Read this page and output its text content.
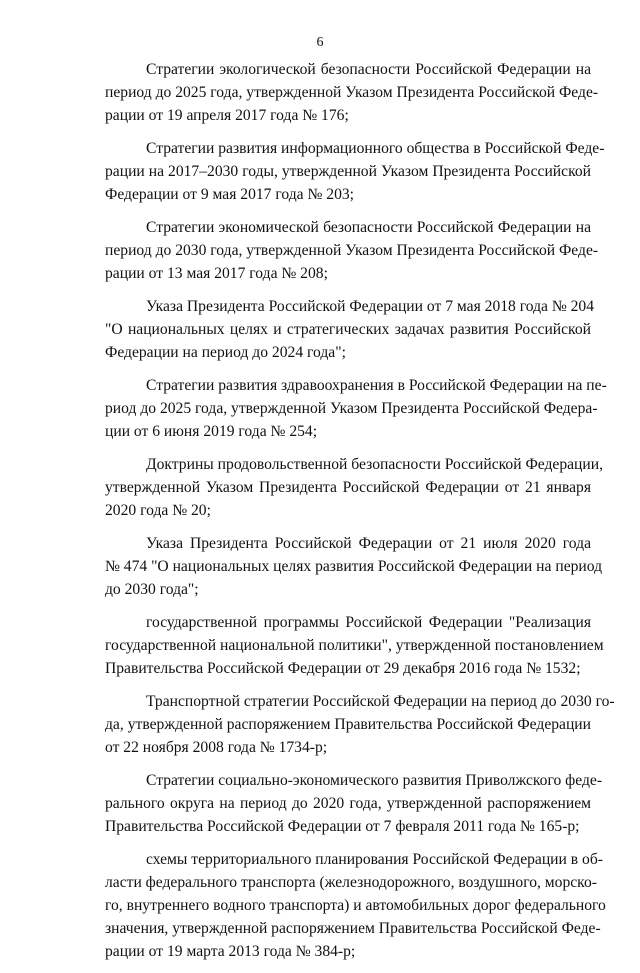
6

Стратегии экологической безопасности Российской Федерации на
период до 2025 года, утвержденной Указом Президента Российской Феде-
рации от 19 апреля 2017 года № 176;

Стратегии развития информационного общества в Российской Феде-
рации на 2017–2030 годы, утвержденной Указом Президента Российской
Федерации от 9 мая 2017 года № 203;

Стратегии экономической безопасности Российской Федерации на
период до 2030 года, утвержденной Указом Президента Российской Феде-
рации от 13 мая 2017 года № 208;

Указа Президента Российской Федерации от 7 мая 2018 года № 204
"О национальных целях и стратегических задачах развития Российской
Федерации на период до 2024 года";

Стратегии развития здравоохранения в Российской Федерации на пе-
риод до 2025 года, утвержденной Указом Президента Российской Федера-
ции от 6 июня 2019 года № 254;

Доктрины продовольственной безопасности Российской Федерации,
утвержденной Указом Президента Российской Федерации от 21 января
2020 года № 20;

Указа Президента Российской Федерации от 21 июля 2020 года
№ 474 "О национальных целях развития Российской Федерации на период
до 2030 года";

государственной программы Российской Федерации "Реализация
государственной национальной политики", утвержденной постановлением
Правительства Российской Федерации от 29 декабря 2016 года № 1532;

Транспортной стратегии Российской Федерации на период до 2030 го-
да, утвержденной распоряжением Правительства Российской Федерации
от 22 ноября 2008 года № 1734-р;

Стратегии социально-экономического развития Приволжского феде-
рального округа на период до 2020 года, утвержденной распоряжением
Правительства Российской Федерации от 7 февраля 2011 года № 165-р;

схемы территориального планирования Российской Федерации в об-
ласти федерального транспорта (железнодорожного, воздушного, морско-
го, внутреннего водного транспорта) и автомобильных дорог федерального
значения, утвержденной распоряжением Правительства Российской Феде-
рации от 19 марта 2013 года № 384-р;
